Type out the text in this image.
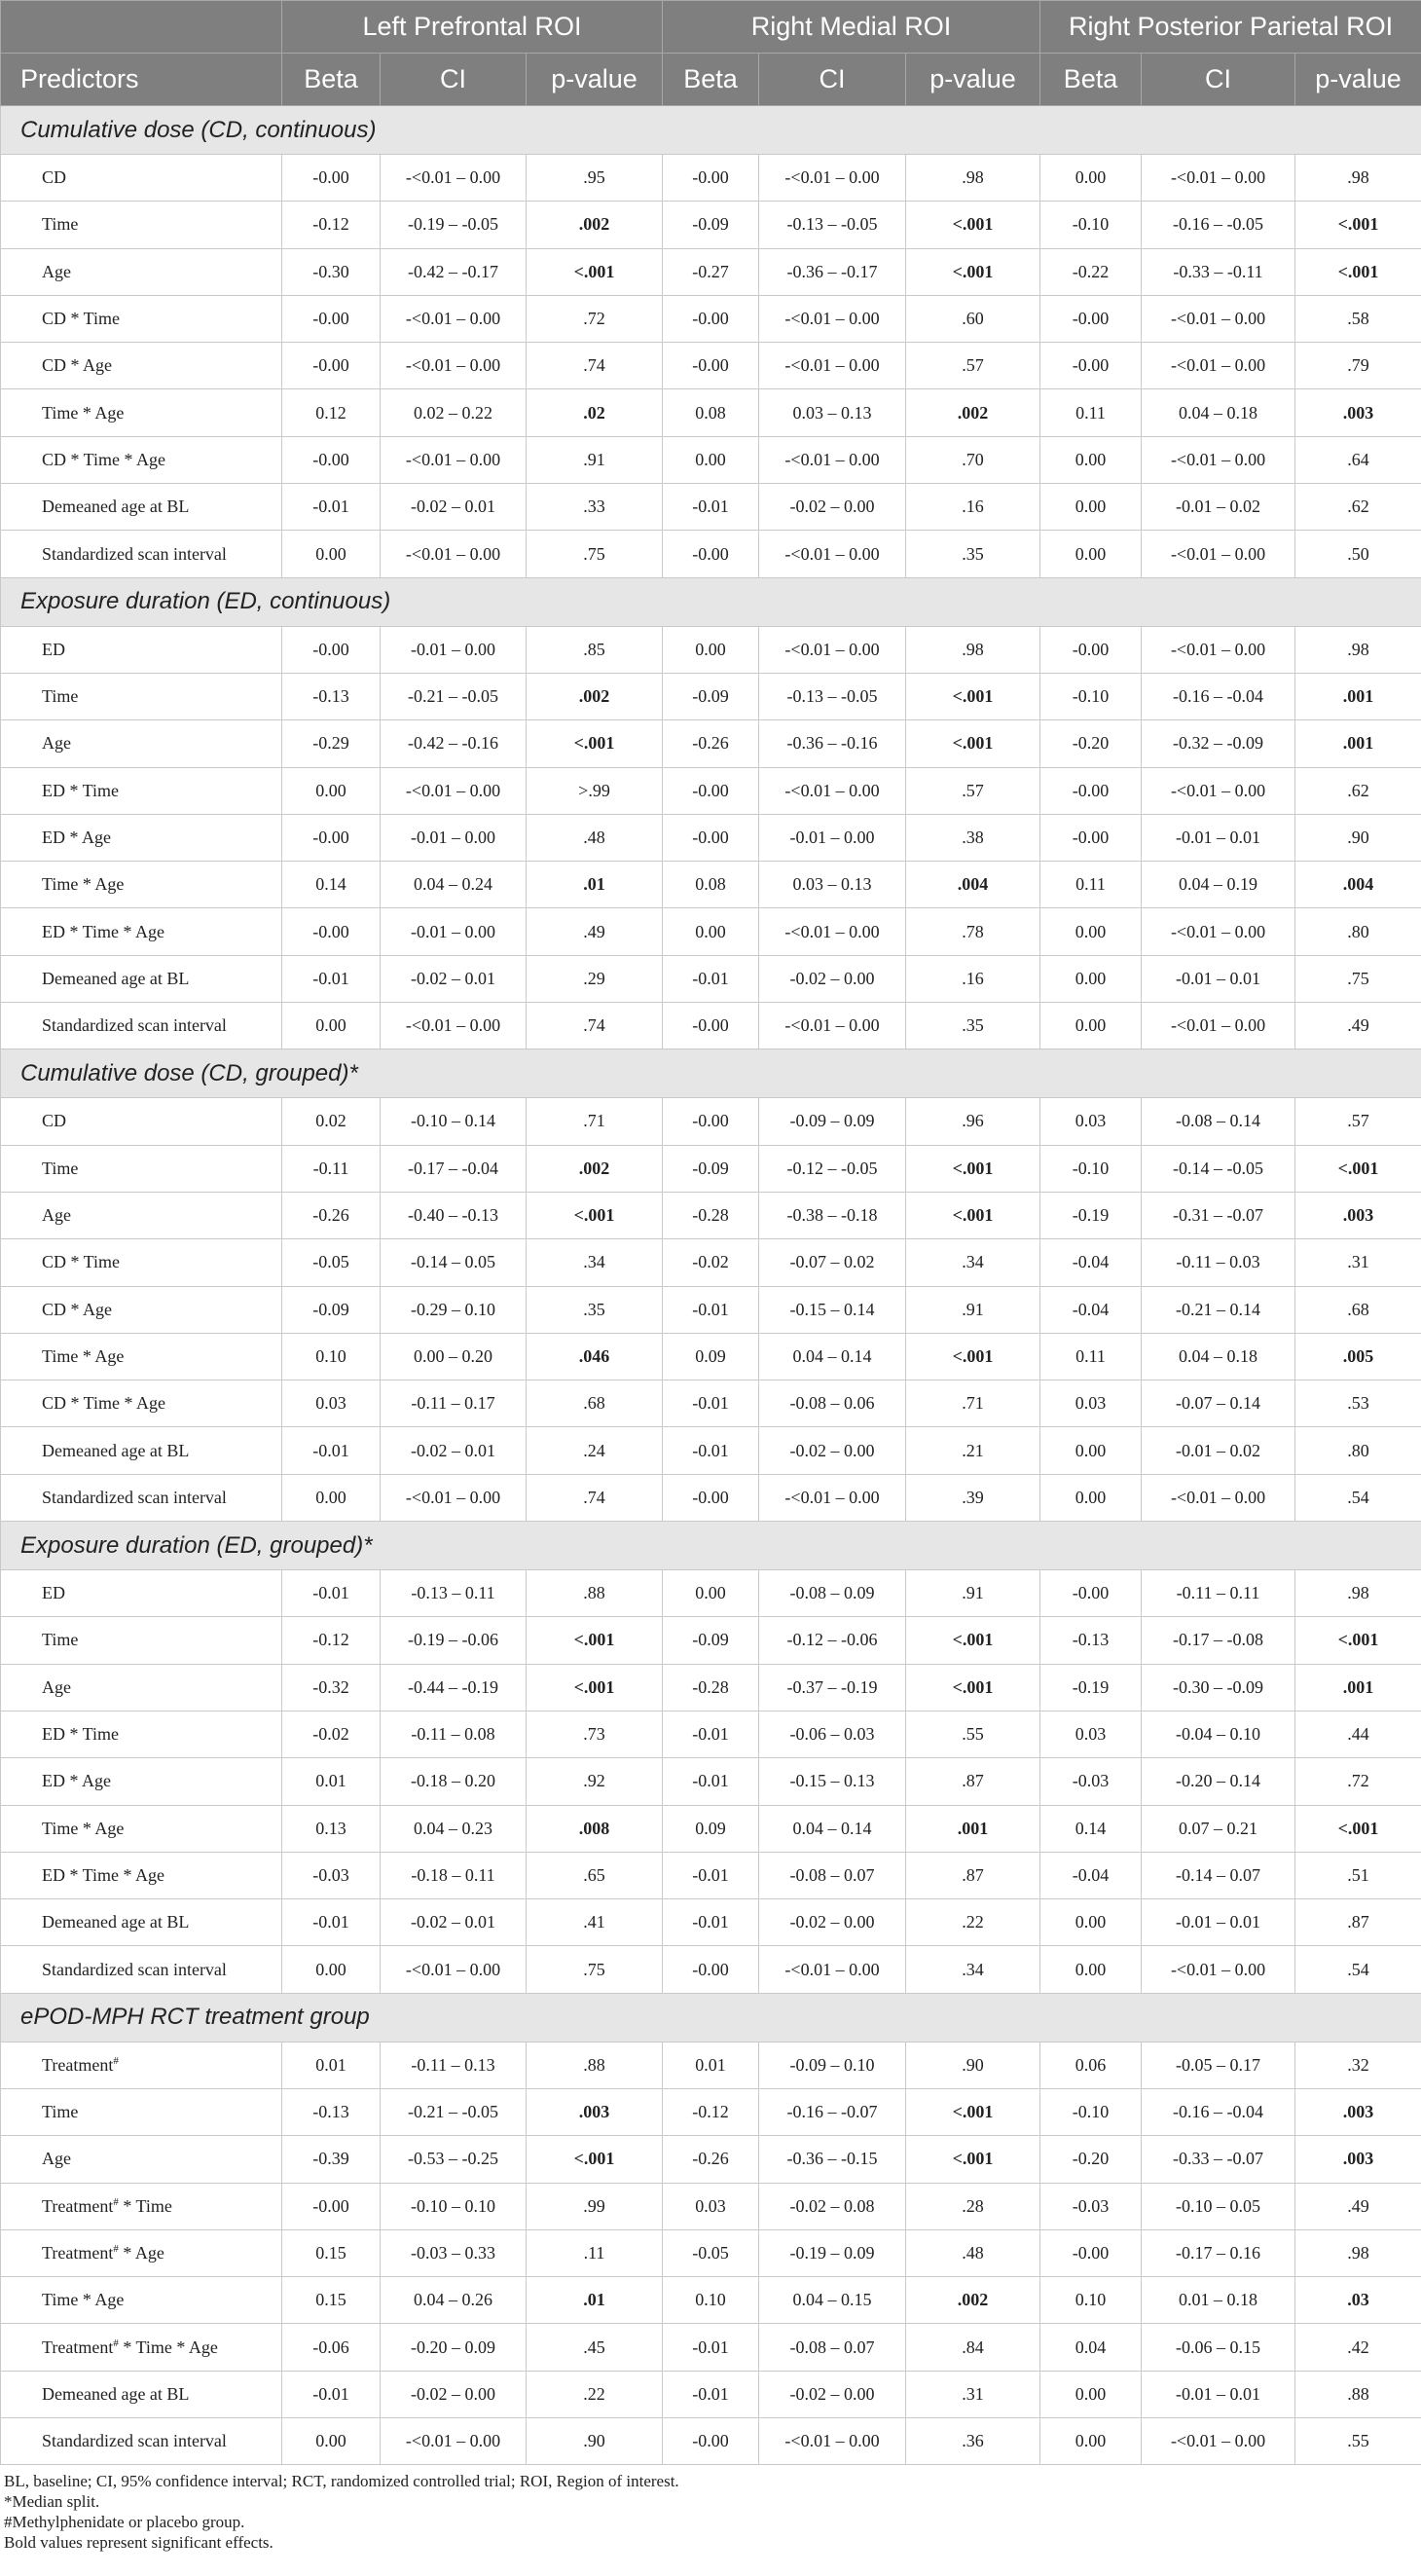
	Left Prefrontal ROI			Right Medial ROI			Right Posterior Parietal ROI		
Predictors	Beta	CI	p-value	Beta	CI	p-value	Beta	CI	p-value
Cumulative dose (CD, continuous)									
CD	-0.00	-<0.01 – 0.00	.95	-0.00	-<0.01 – 0.00	.98	0.00	-<0.01 – 0.00	.98
Time	-0.12	-0.19 – -0.05	.002	-0.09	-0.13 – -0.05	<.001	-0.10	-0.16 – -0.05	<.001
Age	-0.30	-0.42 – -0.17	<.001	-0.27	-0.36 – -0.17	<.001	-0.22	-0.33 – -0.11	<.001
CD * Time	-0.00	-<0.01 – 0.00	.72	-0.00	-<0.01 – 0.00	.60	-0.00	-<0.01 – 0.00	.58
CD * Age	-0.00	-<0.01 – 0.00	.74	-0.00	-<0.01 – 0.00	.57	-0.00	-<0.01 – 0.00	.79
Time * Age	0.12	0.02 – 0.22	.02	0.08	0.03 – 0.13	.002	0.11	0.04 – 0.18	.003
CD * Time * Age	-0.00	-<0.01 – 0.00	.91	0.00	-<0.01 – 0.00	.70	0.00	-<0.01 – 0.00	.64
Demeaned age at BL	-0.01	-0.02 – 0.01	.33	-0.01	-0.02 – 0.00	.16	0.00	-0.01 – 0.02	.62
Standardized scan interval	0.00	-<0.01 – 0.00	.75	-0.00	-<0.01 – 0.00	.35	0.00	-<0.01 – 0.00	.50
Exposure duration (ED, continuous)									
ED	-0.00	-0.01 – 0.00	.85	0.00	-<0.01 – 0.00	.98	-0.00	-<0.01 – 0.00	.98
Time	-0.13	-0.21 – -0.05	.002	-0.09	-0.13 – -0.05	<.001	-0.10	-0.16 – -0.04	.001
Age	-0.29	-0.42 – -0.16	<.001	-0.26	-0.36 – -0.16	<.001	-0.20	-0.32 – -0.09	.001
ED * Time	0.00	-<0.01 – 0.00	>.99	-0.00	-<0.01 – 0.00	.57	-0.00	-<0.01 – 0.00	.62
ED * Age	-0.00	-0.01 – 0.00	.48	-0.00	-0.01 – 0.00	.38	-0.00	-0.01 – 0.01	.90
Time * Age	0.14	0.04 – 0.24	.01	0.08	0.03 – 0.13	.004	0.11	0.04 – 0.19	.004
ED * Time * Age	-0.00	-0.01 – 0.00	.49	0.00	-<0.01 – 0.00	.78	0.00	-<0.01 – 0.00	.80
Demeaned age at BL	-0.01	-0.02 – 0.01	.29	-0.01	-0.02 – 0.00	.16	0.00	-0.01 – 0.01	.75
Standardized scan interval	0.00	-<0.01 – 0.00	.74	-0.00	-<0.01 – 0.00	.35	0.00	-<0.01 – 0.00	.49
Cumulative dose (CD, grouped)*									
CD	0.02	-0.10 – 0.14	.71	-0.00	-0.09 – 0.09	.96	0.03	-0.08 – 0.14	.57
Time	-0.11	-0.17 – -0.04	.002	-0.09	-0.12 – -0.05	<.001	-0.10	-0.14 – -0.05	<.001
Age	-0.26	-0.40 – -0.13	<.001	-0.28	-0.38 – -0.18	<.001	-0.19	-0.31 – -0.07	.003
CD * Time	-0.05	-0.14 – 0.05	.34	-0.02	-0.07 – 0.02	.34	-0.04	-0.11 – 0.03	.31
CD * Age	-0.09	-0.29 – 0.10	.35	-0.01	-0.15 – 0.14	.91	-0.04	-0.21 – 0.14	.68
Time * Age	0.10	0.00 – 0.20	.046	0.09	0.04 – 0.14	<.001	0.11	0.04 – 0.18	.005
CD * Time * Age	0.03	-0.11 – 0.17	.68	-0.01	-0.08 – 0.06	.71	0.03	-0.07 – 0.14	.53
Demeaned age at BL	-0.01	-0.02 – 0.01	.24	-0.01	-0.02 – 0.00	.21	0.00	-0.01 – 0.02	.80
Standardized scan interval	0.00	-<0.01 – 0.00	.74	-0.00	-<0.01 – 0.00	.39	0.00	-<0.01 – 0.00	.54
Exposure duration (ED, grouped)*									
ED	-0.01	-0.13 – 0.11	.88	0.00	-0.08 – 0.09	.91	-0.00	-0.11 – 0.11	.98
Time	-0.12	-0.19 – -0.06	<.001	-0.09	-0.12 – -0.06	<.001	-0.13	-0.17 – -0.08	<.001
Age	-0.32	-0.44 – -0.19	<.001	-0.28	-0.37 – -0.19	<.001	-0.19	-0.30 – -0.09	.001
ED * Time	-0.02	-0.11 – 0.08	.73	-0.01	-0.06 – 0.03	.55	0.03	-0.04 – 0.10	.44
ED * Age	0.01	-0.18 – 0.20	.92	-0.01	-0.15 – 0.13	.87	-0.03	-0.20 – 0.14	.72
Time * Age	0.13	0.04 – 0.23	.008	0.09	0.04 – 0.14	.001	0.14	0.07 – 0.21	<.001
ED * Time * Age	-0.03	-0.18 – 0.11	.65	-0.01	-0.08 – 0.07	.87	-0.04	-0.14 – 0.07	.51
Demeaned age at BL	-0.01	-0.02 – 0.01	.41	-0.01	-0.02 – 0.00	.22	0.00	-0.01 – 0.01	.87
Standardized scan interval	0.00	-<0.01 – 0.00	.75	-0.00	-<0.01 – 0.00	.34	0.00	-<0.01 – 0.00	.54
ePOD-MPH RCT treatment group									
Treatment#	0.01	-0.11 – 0.13	.88	0.01	-0.09 – 0.10	.90	0.06	-0.05 – 0.17	.32
Time	-0.13	-0.21 – -0.05	.003	-0.12	-0.16 – -0.07	<.001	-0.10	-0.16 – -0.04	.003
Age	-0.39	-0.53 – -0.25	<.001	-0.26	-0.36 – -0.15	<.001	-0.20	-0.33 – -0.07	.003
Treatment# * Time	-0.00	-0.10 – 0.10	.99	0.03	-0.02 – 0.08	.28	-0.03	-0.10 – 0.05	.49
Treatment# * Age	0.15	-0.03 – 0.33	.11	-0.05	-0.19 – 0.09	.48	-0.00	-0.17 – 0.16	.98
Time * Age	0.15	0.04 – 0.26	.01	0.10	0.04 – 0.15	.002	0.10	0.01 – 0.18	.03
Treatment# * Time * Age	-0.06	-0.20 – 0.09	.45	-0.01	-0.08 – 0.07	.84	0.04	-0.06 – 0.15	.42
Demeaned age at BL	-0.01	-0.02 – 0.00	.22	-0.01	-0.02 – 0.00	.31	0.00	-0.01 – 0.01	.88
Standardized scan interval	0.00	-<0.01 – 0.00	.90	-0.00	-<0.01 – 0.00	.36	0.00	-<0.01 – 0.00	.55
BL, baseline; CI, 95% confidence interval; RCT, randomized controlled trial; ROI, Region of interest.
*Median split.
#Methylphenidate or placebo group.
Bold values represent significant effects.
